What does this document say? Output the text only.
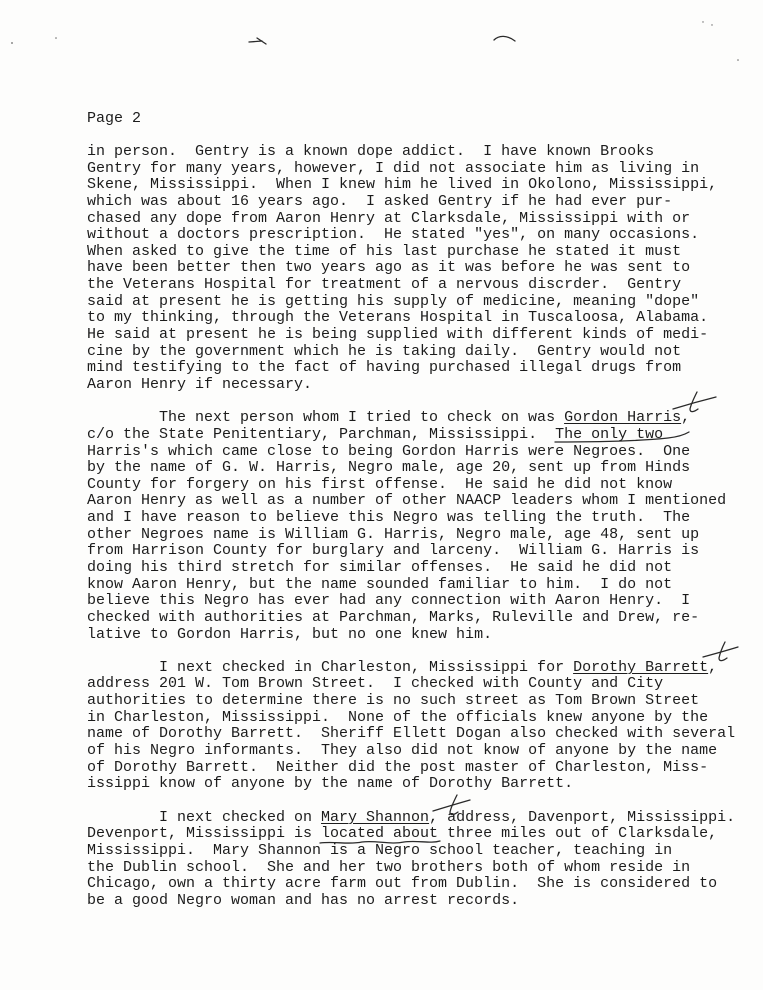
Page 2
in person.  Gentry is a known dope addict.  I have known Brooks
Gentry for many years, however, I did not associate him as living in
Skene, Mississippi.  When I knew him he lived in Okolono, Mississippi,
which was about 16 years ago.  I asked Gentry if he had ever pur-
chased any dope from Aaron Henry at Clarksdale, Mississippi with or
without a doctors prescription.  He stated "yes", on many occasions.
When asked to give the time of his last purchase he stated it must
have been better then two years ago as it was before he was sent to
the Veterans Hospital for treatment of a nervous discrder.  Gentry
said at present he is getting his supply of medicine, meaning "dope"
to my thinking, through the Veterans Hospital in Tuscaloosa, Alabama.
He said at present he is being supplied with different kinds of medi-
cine by the government which he is taking daily.  Gentry would not
mind testifying to the fact of having purchased illegal drugs from
Aaron Henry if necessary.
The next person whom I tried to check on was Gordon Harris,
c/o the State Penitentiary, Parchman, Mississippi.  The only two
Harris's which came close to being Gordon Harris were Negroes.  One
by the name of G. W. Harris, Negro male, age 20, sent up from Hinds
County for forgery on his first offense.  He said he did not know
Aaron Henry as well as a number of other NAACP leaders whom I mentioned
and I have reason to believe this Negro was telling the truth.  The
other Negroes name is William G. Harris, Negro male, age 48, sent up
from Harrison County for burglary and larceny.  William G. Harris is
doing his third stretch for similar offenses.  He said he did not
know Aaron Henry, but the name sounded familiar to him.  I do not
believe this Negro has ever had any connection with Aaron Henry.  I
checked with authorities at Parchman, Marks, Ruleville and Drew, re-
lative to Gordon Harris, but no one knew him.
I next checked in Charleston, Mississippi for Dorothy Barrett,
address 201 W. Tom Brown Street.  I checked with County and City
authorities to determine there is no such street as Tom Brown Street
in Charleston, Mississippi.  None of the officials knew anyone by the
name of Dorothy Barrett.  Sheriff Ellett Dogan also checked with several
of his Negro informants.  They also did not know of anyone by the name
of Dorothy Barrett.  Neither did the post master of Charleston, Miss-
issippi know of anyone by the name of Dorothy Barrett.
I next checked on Mary Shannon, address, Davenport, Mississippi.
Devenport, Mississippi is located about three miles out of Clarksdale,
Mississippi.  Mary Shannon is a Negro school teacher, teaching in
the Dublin school.  She and her two brothers both of whom reside in
Chicago, own a thirty acre farm out from Dublin.  She is considered to
be a good Negro woman and has no arrest records.
